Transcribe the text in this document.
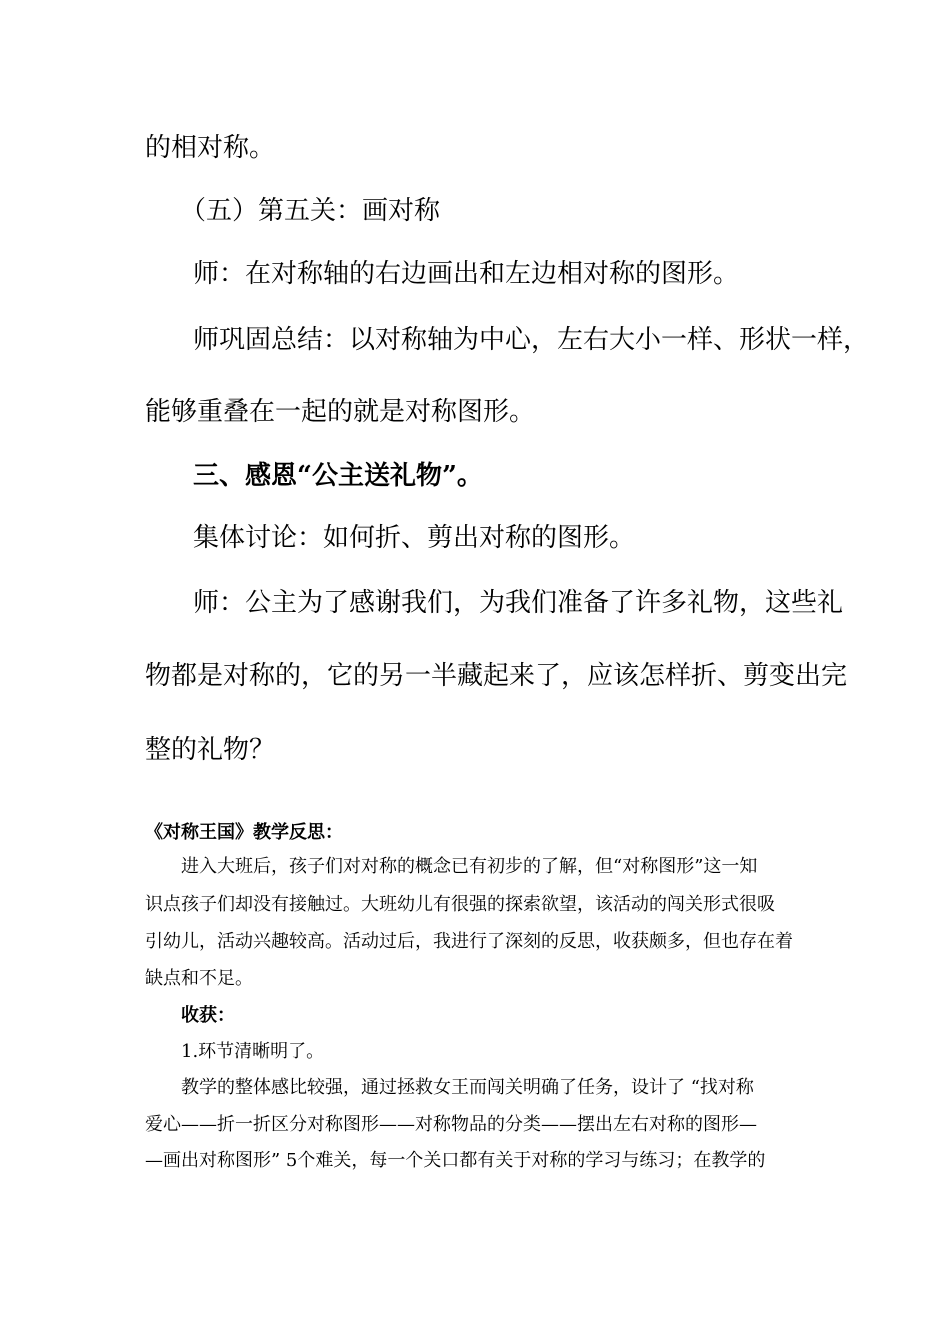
的相对称。

（五）第五关：画对称

师：在对称轴的右边画出和左边相对称的图形。

师巩固总结：以对称轴为中心，左右大小一样、形状一样，

能够重叠在一起的就是对称图形。

三、感恩“公主送礼物”。

集体讨论：如何折、剪出对称的图形。

师：公主为了感谢我们，为我们准备了许多礼物，这些礼

物都是对称的，它的另一半藏起来了，应该怎样折、剪变出完

整的礼物？

《对称王国》教学反思：

进入大班后，孩子们对对称的概念已有初步的了解，但“对称图形”这一知

识点孩子们却没有接触过。大班幼儿有很强的探索欲望，该活动的闯关形式很吸

引幼儿，活动兴趣较高。活动过后，我进行了深刻的反思，收获颇多，但也存在着

缺点和不足。

收获：

1.环节清晰明了。

教学的整体感比较强，通过拯救女王而闯关明确了任务，设计了 “找对称

爱心——折一折区分对称图形——对称物品的分类——摆出左右对称的图形—

—画出对称图形” 5个难关，每一个关口都有关于对称的学习与练习；在教学的
